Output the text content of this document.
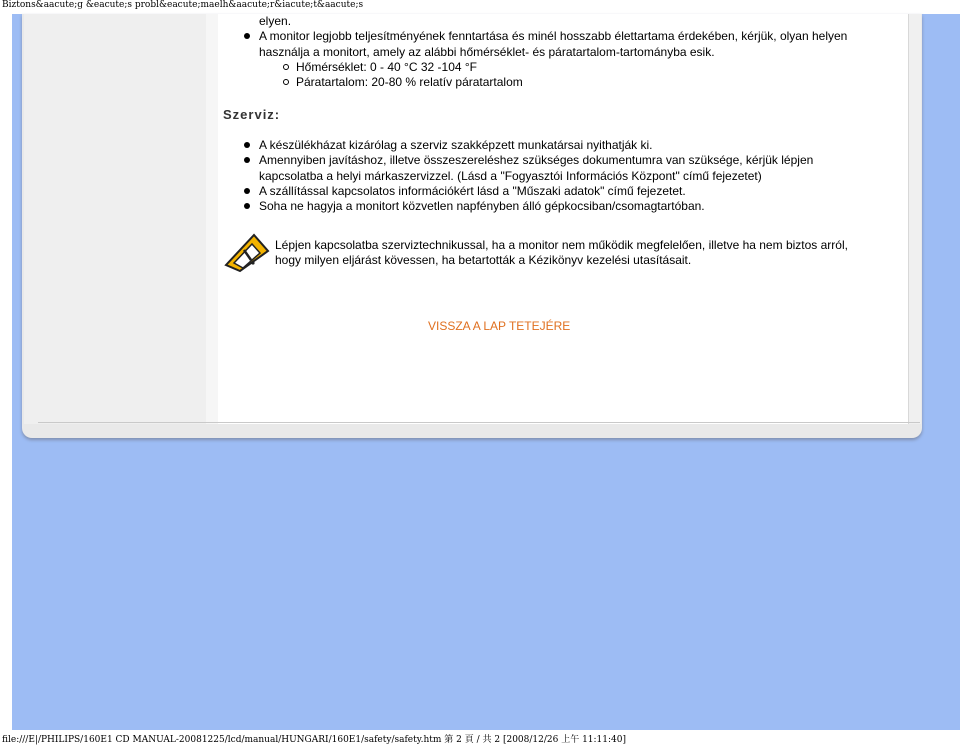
Biztons&aacute;g &eacute;s probl&eacute;maelh&aacute;r&iacute;t&aacute;s
elyen.
A monitor legjobb teljesítményének fenntartása és minél hosszabb élettartama érdekében, kérjük, olyan helyen
használja a monitort, amely az alábbi hőmérséklet- és páratartalom-tartományba esik.
Hőmérséklet: 0 - 40 °C 32 -104 °F
Páratartalom: 20-80 % relatív páratartalom
Szerviz:
A készülékházat kizárólag a szerviz szakképzett munkatársai nyithatják ki.
Amennyiben javításhoz, illetve összeszereléshez szükséges dokumentumra van szüksége, kérjük lépjen
kapcsolatba a helyi márkaszervizzel. (Lásd a "Fogyasztói Információs Központ" című fejezetet)
A szállítással kapcsolatos információkért lásd a "Műszaki adatok" című fejezetet.
Soha ne hagyja a monitort közvetlen napfényben álló gépkocsiban/csomagtartóban.
Lépjen kapcsolatba szerviztechnikussal, ha a monitor nem működik megfelelően, illetve ha nem biztos arról,
hogy milyen eljárást kövessen, ha betartották a Kézikönyv kezelési utasításait.
VISSZA A LAP TETEJÉRE
file:///E|/PHILIPS/160E1 CD MANUAL-20081225/lcd/manual/HUNGARI/160E1/safety/safety.htm 第 2 頁 / 共 2 [2008/12/26 上午 11:11:40]
